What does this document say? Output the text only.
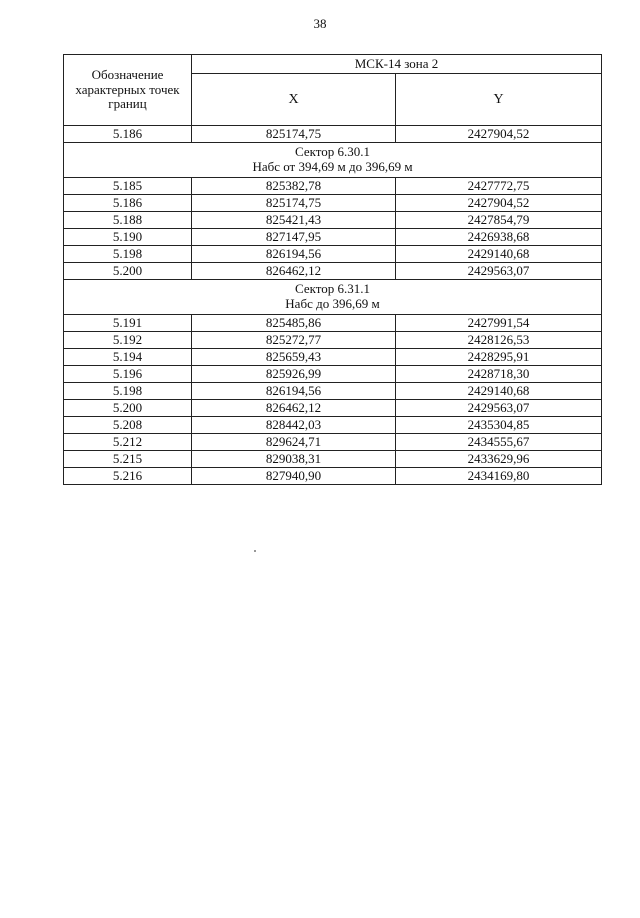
38
Обозначение характерных точек границ	МСК-14 зона 2	
	X	Y
5.186	825174,75	2427904,52

Сектор 6.30.1
Набс от 394,69 м до 396,69 м		

5.185	825382,78	2427772,75
5.186	825174,75	2427904,52
5.188	825421,43	2427854,79
5.190	827147,95	2426938,68
5.198	826194,56	2429140,68
5.200	826462,12	2429563,07

Сектор 6.31.1
Набс до 396,69 м		

5.191	825485,86	2427991,54
5.192	825272,77	2428126,53
5.194	825659,43	2428295,91
5.196	825926,99	2428718,30
5.198	826194,56	2429140,68
5.200	826462,12	2429563,07
5.208	828442,03	2435304,85
5.212	829624,71	2434555,67
5.215	829038,31	2433629,96
5.216	827940,90	2434169,80
